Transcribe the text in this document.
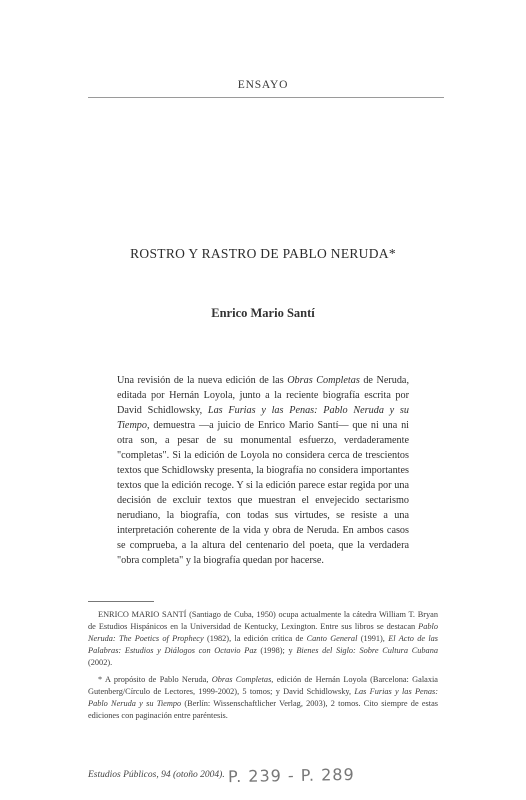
ENSAYO
ROSTRO Y RASTRO DE PABLO NERUDA*
Enrico Mario Santí
Una revisión de la nueva edición de las Obras Completas de Neruda, editada por Hernán Loyola, junto a la reciente biografía escrita por David Schidlowsky, Las Furias y las Penas: Pablo Neruda y su Tiempo, demuestra —a juicio de Enrico Mario Santí— que ni una ni otra son, a pesar de su monumental esfuerzo, verdaderamente "completas". Si la edición de Loyola no considera cerca de trescientos textos que Schidlowsky presenta, la biografía no considera importantes textos que la edición recoge. Y si la edición parece estar regida por una decisión de excluir textos que muestran el envejecido sectarismo nerudiano, la biografía, con todas sus virtudes, se resiste a una interpretación coherente de la vida y obra de Neruda. En ambos casos se comprueba, a la altura del centenario del poeta, que la verdadera "obra completa" y la biografía quedan por hacerse.
ENRICO MARIO SANTÍ (Santiago de Cuba, 1950) ocupa actualmente la cátedra William T. Bryan de Estudios Hispánicos en la Universidad de Kentucky, Lexington. Entre sus libros se destacan Pablo Neruda: The Poetics of Prophecy (1982), la edición crítica de Canto General (1991), El Acto de las Palabras: Estudios y Diálogos con Octavio Paz (1998); y Bienes del Siglo: Sobre Cultura Cubana (2002).
* A propósito de Pablo Neruda, Obras Completas, edición de Hernán Loyola (Barcelona: Galaxia Gutenberg/Círculo de Lectores, 1999-2002), 5 tomos; y David Schidlowsky, Las Furias y las Penas: Pablo Neruda y su Tiempo (Berlín: Wissenschaftlicher Verlag, 2003), 2 tomos. Cito siempre de estas ediciones con paginación entre paréntesis.
Estudios Públicos, 94 (otoño 2004). P. 239 - P. 289
